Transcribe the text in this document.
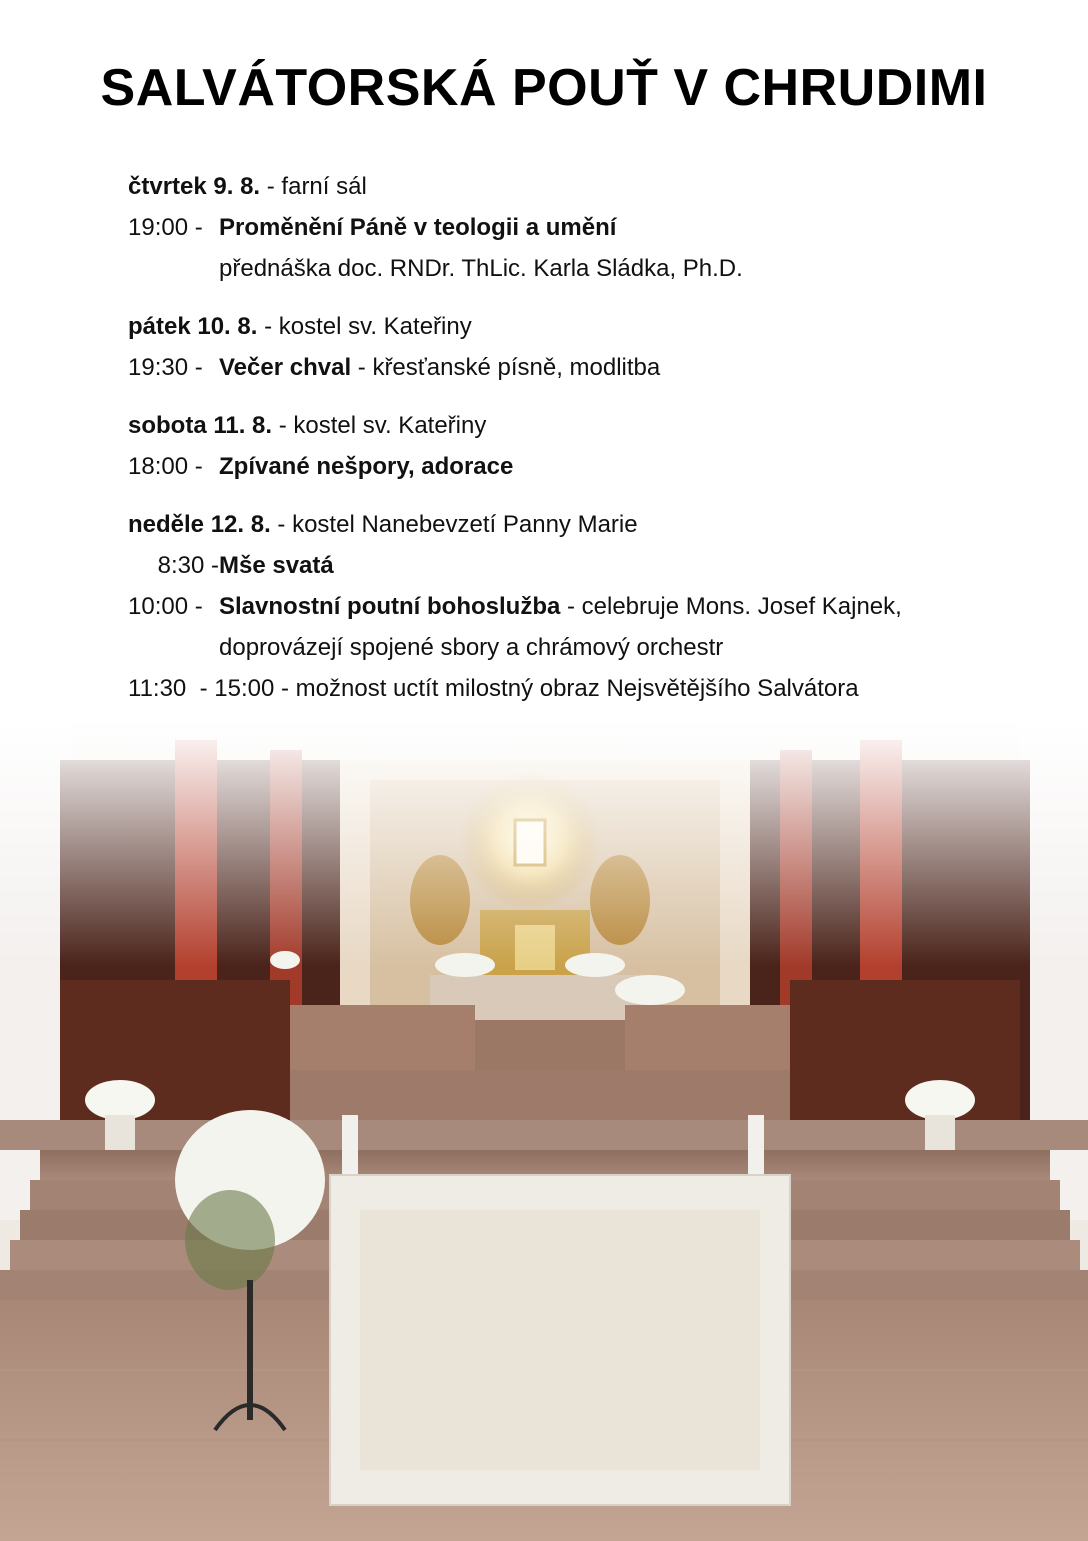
SALVÁTORSKÁ POUŤ V CHRUDIMI
čtvrtek 9. 8. - farní sál
19:00 -Proměnění Páně v teologii a umění
přednáška doc. RNDr. ThLic. Karla Sládka, Ph.D.
pátek 10. 8. - kostel sv. Kateřiny
19:30 -Večer chval - křesťanské písně, modlitba
sobota 11. 8. - kostel sv. Kateřiny
18:00 -Zpívané nešpory, adorace
neděle 12. 8. - kostel Nanebevzetí Panny Marie
8:30 -Mše svatá
10:00 -Slavnostní poutní bohoslužba - celebruje Mons. Josef Kajnek,
doprovázejí spojené sbory a chrámový orchestr
11:30  - 15:00 - možnost uctít milostný obraz Nejsvětějšího Salvátora
